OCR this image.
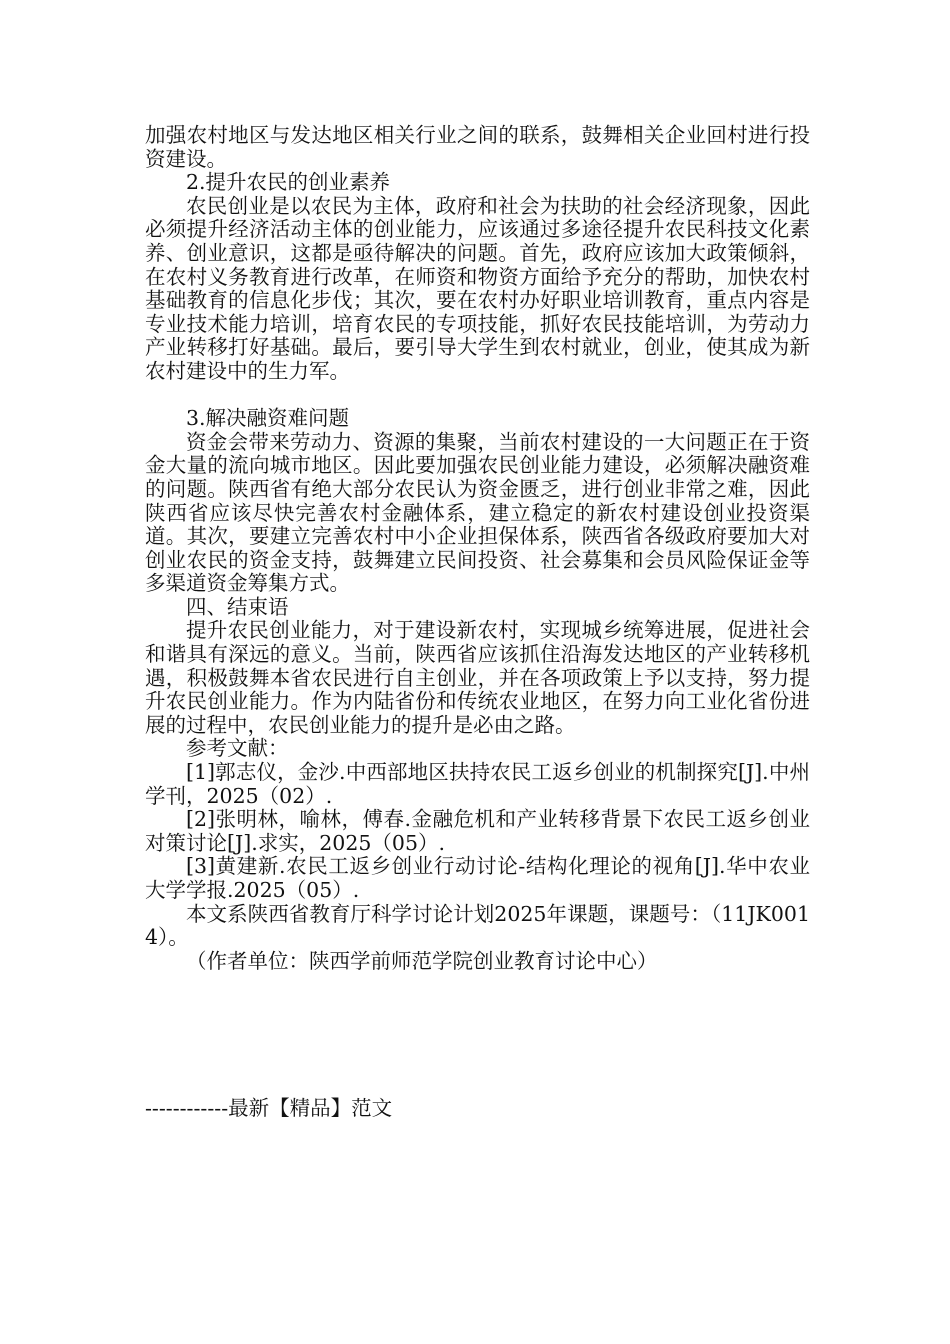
加强农村地区与发达地区相关行业之间的联系，鼓舞相关企业回村进行投资建设。

2.提升农民的创业素养

农民创业是以农民为主体，政府和社会为扶助的社会经济现象，因此必须提升经济活动主体的创业能力，应该通过多途径提升农民科技文化素养、创业意识，这都是亟待解决的问题。首先，政府应该加大政策倾斜，在农村义务教育进行改革，在师资和物资方面给予充分的帮助，加快农村基础教育的信息化步伐；其次，要在农村办好职业培训教育，重点内容是专业技术能力培训，培育农民的专项技能，抓好农民技能培训，为劳动力产业转移打好基础。最后，要引导大学生到农村就业，创业，使其成为新农村建设中的生力军。

3.解决融资难问题

资金会带来劳动力、资源的集聚，当前农村建设的一大问题正在于资金大量的流向城市地区。因此要加强农民创业能力建设，必须解决融资难的问题。陕西省有绝大部分农民认为资金匮乏，进行创业非常之难，因此陕西省应该尽快完善农村金融体系，建立稳定的新农村建设创业投资渠道。其次，要建立完善农村中小企业担保体系，陕西省各级政府要加大对创业农民的资金支持，鼓舞建立民间投资、社会募集和会员风险保证金等多渠道资金筹集方式。

四、结束语

提升农民创业能力，对于建设新农村，实现城乡统筹进展，促进社会和谐具有深远的意义。当前，陕西省应该抓住沿海发达地区的产业转移机遇，积极鼓舞本省农民进行自主创业，并在各项政策上予以支持，努力提升农民创业能力。作为内陆省份和传统农业地区，在努力向工业化省份进展的过程中，农民创业能力的提升是必由之路。

参考文献：

[1]郭志仪，金沙.中西部地区扶持农民工返乡创业的机制探究[J].中州学刊，2025（02）.

[2]张明林，喻林，傅春.金融危机和产业转移背景下农民工返乡创业对策讨论[J].求实，2025（05）.

[3]黄建新.农民工返乡创业行动讨论-结构化理论的视角[J].华中农业大学学报.2025（05）.

本文系陕西省教育厅科学讨论计划2025年课题，课题号：（11JK0014）。

（作者单位：陕西学前师范学院创业教育讨论中心）

------------最新【精品】范文
